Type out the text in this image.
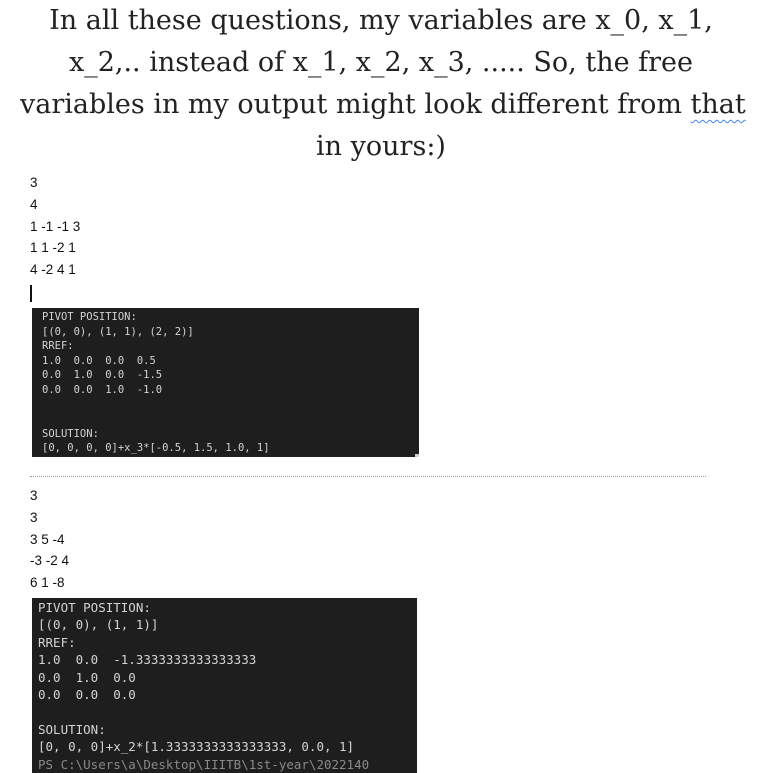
In all these questions, my variables are x_0, x_1,
x_2,.. instead of x_1, x_2, x_3, ..... So, the free
variables in my output might look different from that
in yours:)
3
4
1 -1 -1 3
1 1 -2 1
4 -2 4 1
PIVOT POSITION:
[(0, 0), (1, 1), (2, 2)]
RREF:
1.0  0.0  0.0  0.5
0.0  1.0  0.0  -1.5
0.0  0.0  1.0  -1.0

SOLUTION:
[0, 0, 0, 0]+x_3*[-0.5, 1.5, 1.0, 1]
3
3
3 5 -4
-3 -2 4
6 1 -8
PIVOT POSITION:
[(0, 0), (1, 1)]
RREF:
1.0  0.0  -1.3333333333333333
0.0  1.0  0.0
0.0  0.0  0.0

SOLUTION:
[0, 0, 0]+x_2*[1.3333333333333333, 0.0, 1]
PS C:\Users\a\Desktop\IIITB\1st-year\2022140
